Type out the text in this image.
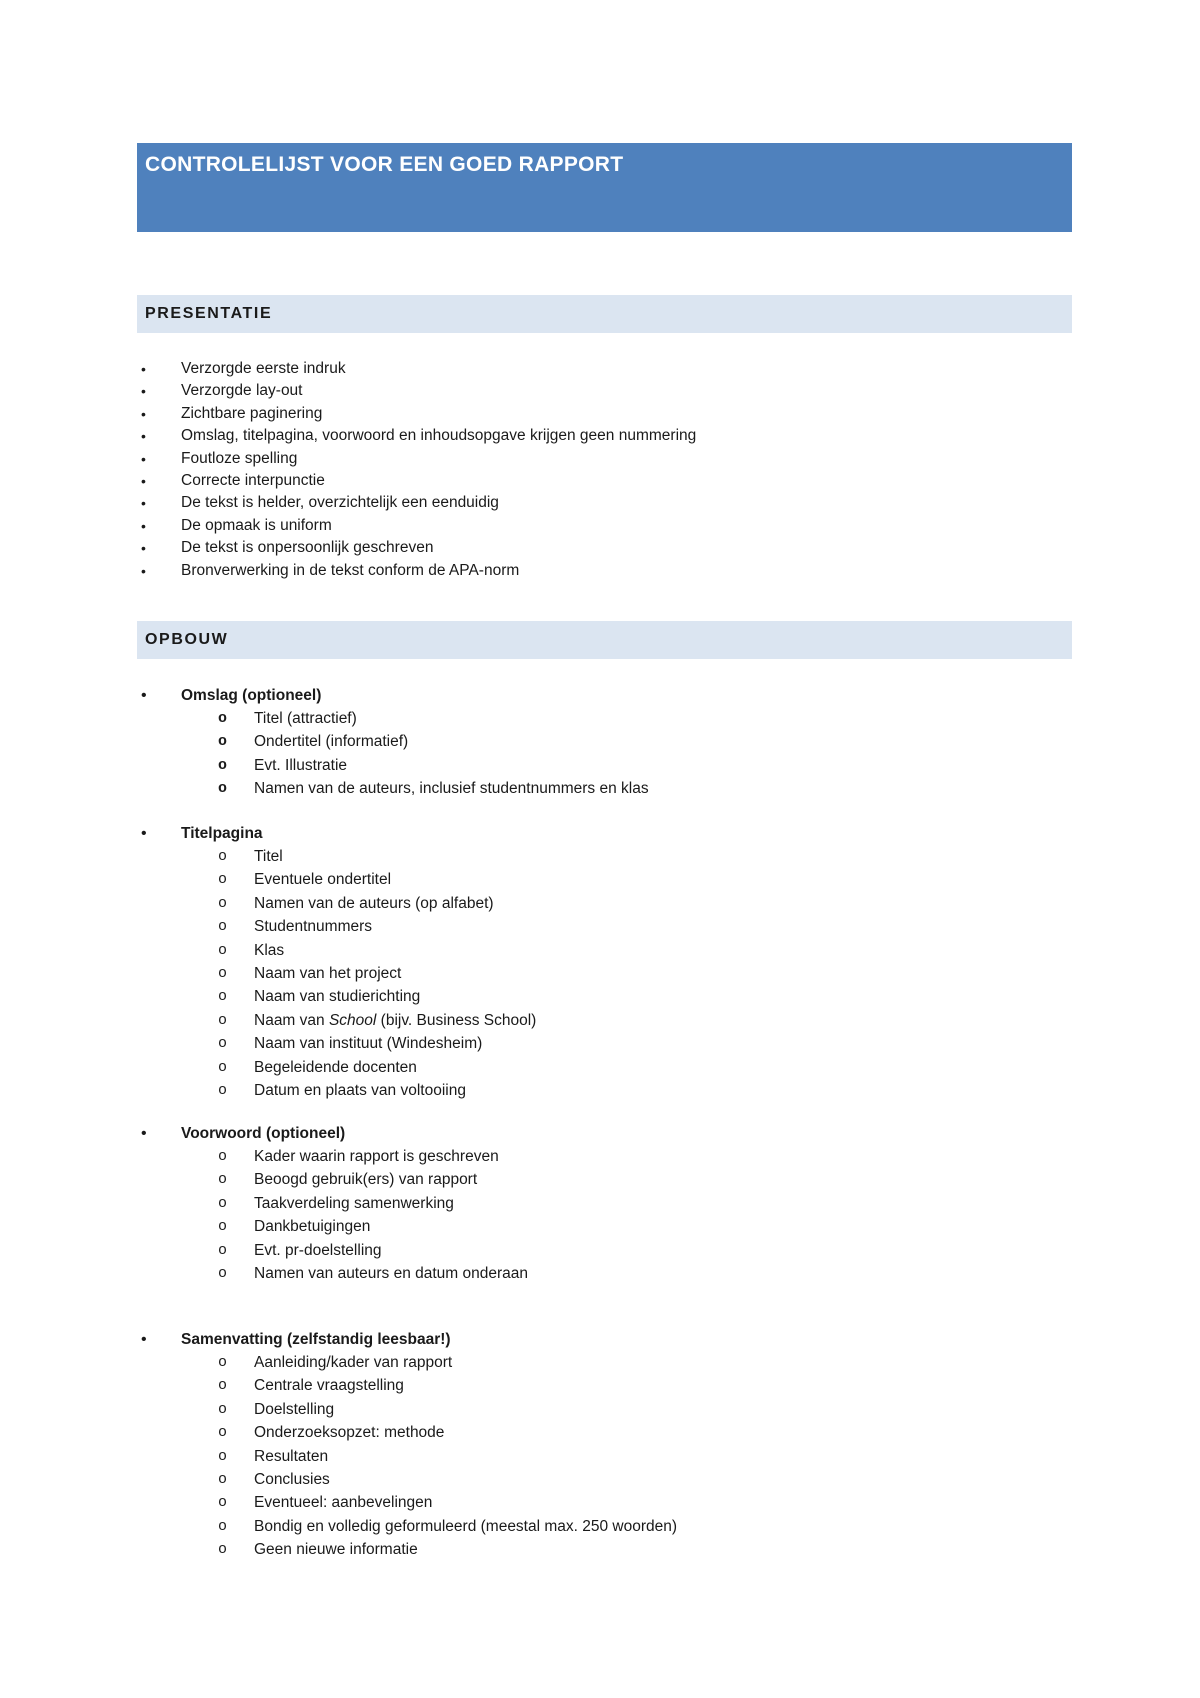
CONTROLELIJST VOOR EEN GOED RAPPORT
PRESENTATIE
• Verzorgde eerste indruk
• Verzorgde lay-out
• Zichtbare paginering
• Omslag, titelpagina, voorwoord en inhoudsopgave krijgen geen nummering
• Foutloze spelling
• Correcte interpunctie
• De tekst is helder, overzichtelijk een eenduidig
• De opmaak is uniform
• De tekst is onpersoonlijk geschreven
• Bronverwerking in de tekst conform de APA-norm
OPBOUW
• Omslag (optioneel)
o Titel (attractief)
o Ondertitel (informatief)
o Evt. Illustratie
o Namen van de auteurs, inclusief studentnummers en klas
• Titelpagina
o Titel
o Eventuele ondertitel
o Namen van de auteurs (op alfabet)
o Studentnummers
o Klas
o Naam van het project
o Naam van studierichting
o Naam van School (bijv. Business School)
o Naam van instituut (Windesheim)
o Begeleidende docenten
o Datum en plaats van voltooiing
• Voorwoord (optioneel)
o Kader waarin rapport is geschreven
o Beoogd gebruik(ers) van rapport
o Taakverdeling samenwerking
o Dankbetuigingen
o Evt. pr-doelstelling
o Namen van auteurs en datum onderaan
• Samenvatting (zelfstandig leesbaar!)
o Aanleiding/kader van rapport
o Centrale vraagstelling
o Doelstelling
o Onderzoeksopzet: methode
o Resultaten
o Conclusies
o Eventueel: aanbevelingen
o Bondig en volledig geformuleerd (meestal max. 250 woorden)
o Geen nieuwe informatie
